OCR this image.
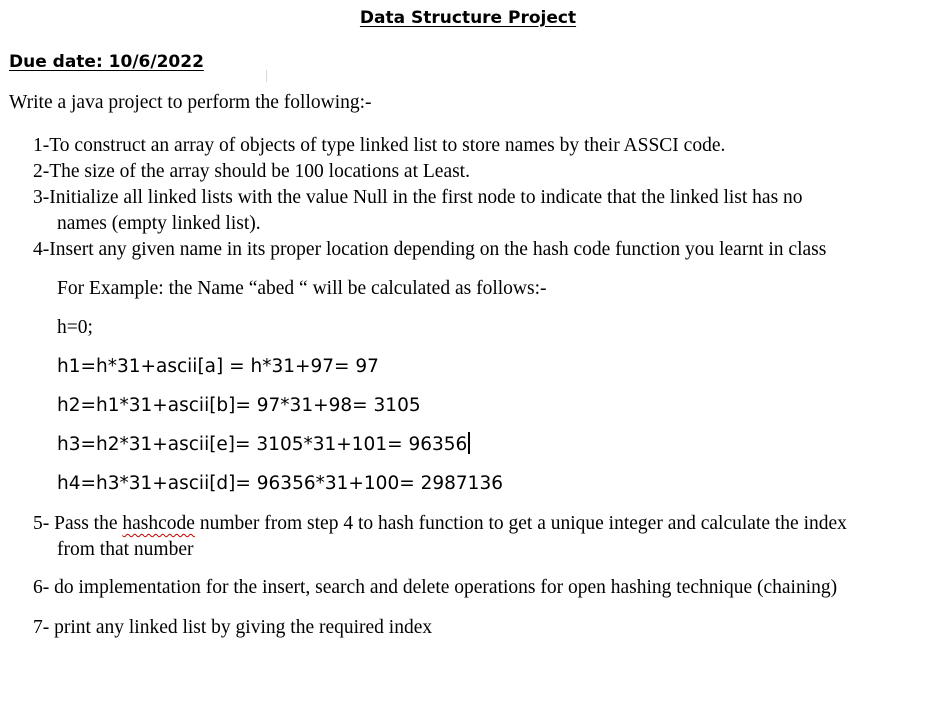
Data Structure Project
Due date: 10/6/2022
Write a java project to perform the following:-
1-To construct an array of objects of type linked list to store names by their ASSCI code.
2-The size of the array should be 100 locations at Least.
3-Initialize all linked lists with the value Null in the first node to indicate that the linked list has no
names (empty linked list).
4-Insert any given name in its proper location depending on the hash code function you learnt in class
For Example: the Name “abed “ will be calculated as follows:-
h=0;
h1=h*31+ascii[a] = h*31+97= 97
h2=h1*31+ascii[b]= 97*31+98= 3105
h3=h2*31+ascii[e]= 3105*31+101= 96356
h4=h3*31+ascii[d]= 96356*31+100= 2987136
5- Pass the hashcode number from step 4 to hash function to get a unique integer and calculate the index
from that number
6- do implementation for the insert, search and delete operations for open hashing technique (chaining)
7- print any linked list by giving the required index
